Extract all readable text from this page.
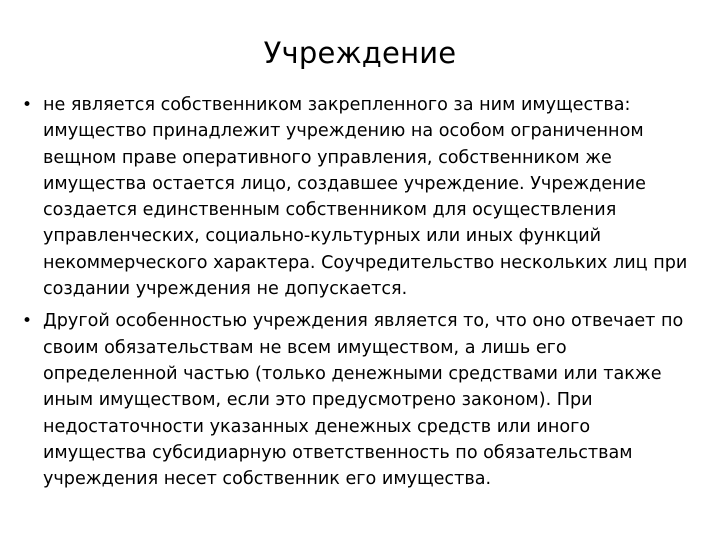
Учреждение
• не является собственником закрепленного за ним имущества: имущество принадлежит учреждению на особом ограниченном вещном праве оперативного управления, собственником же имущества остается лицо, создавшее учреждение. Учреждение создается единственным собственником для осуществления управленческих, социально-культурных или иных функций некоммерческого характера. Соучредительство нескольких лиц при создании учреждения не допускается.
• Другой особенностью учреждения является то, что оно отвечает по своим обязательствам не всем имуществом, а лишь его определенной частью (только денежными средствами или также иным имуществом, если это предусмотрено законом). При недостаточности указанных денежных средств или иного имущества субсидиарную ответственность по обязательствам учреждения несет собственник его имущества.
